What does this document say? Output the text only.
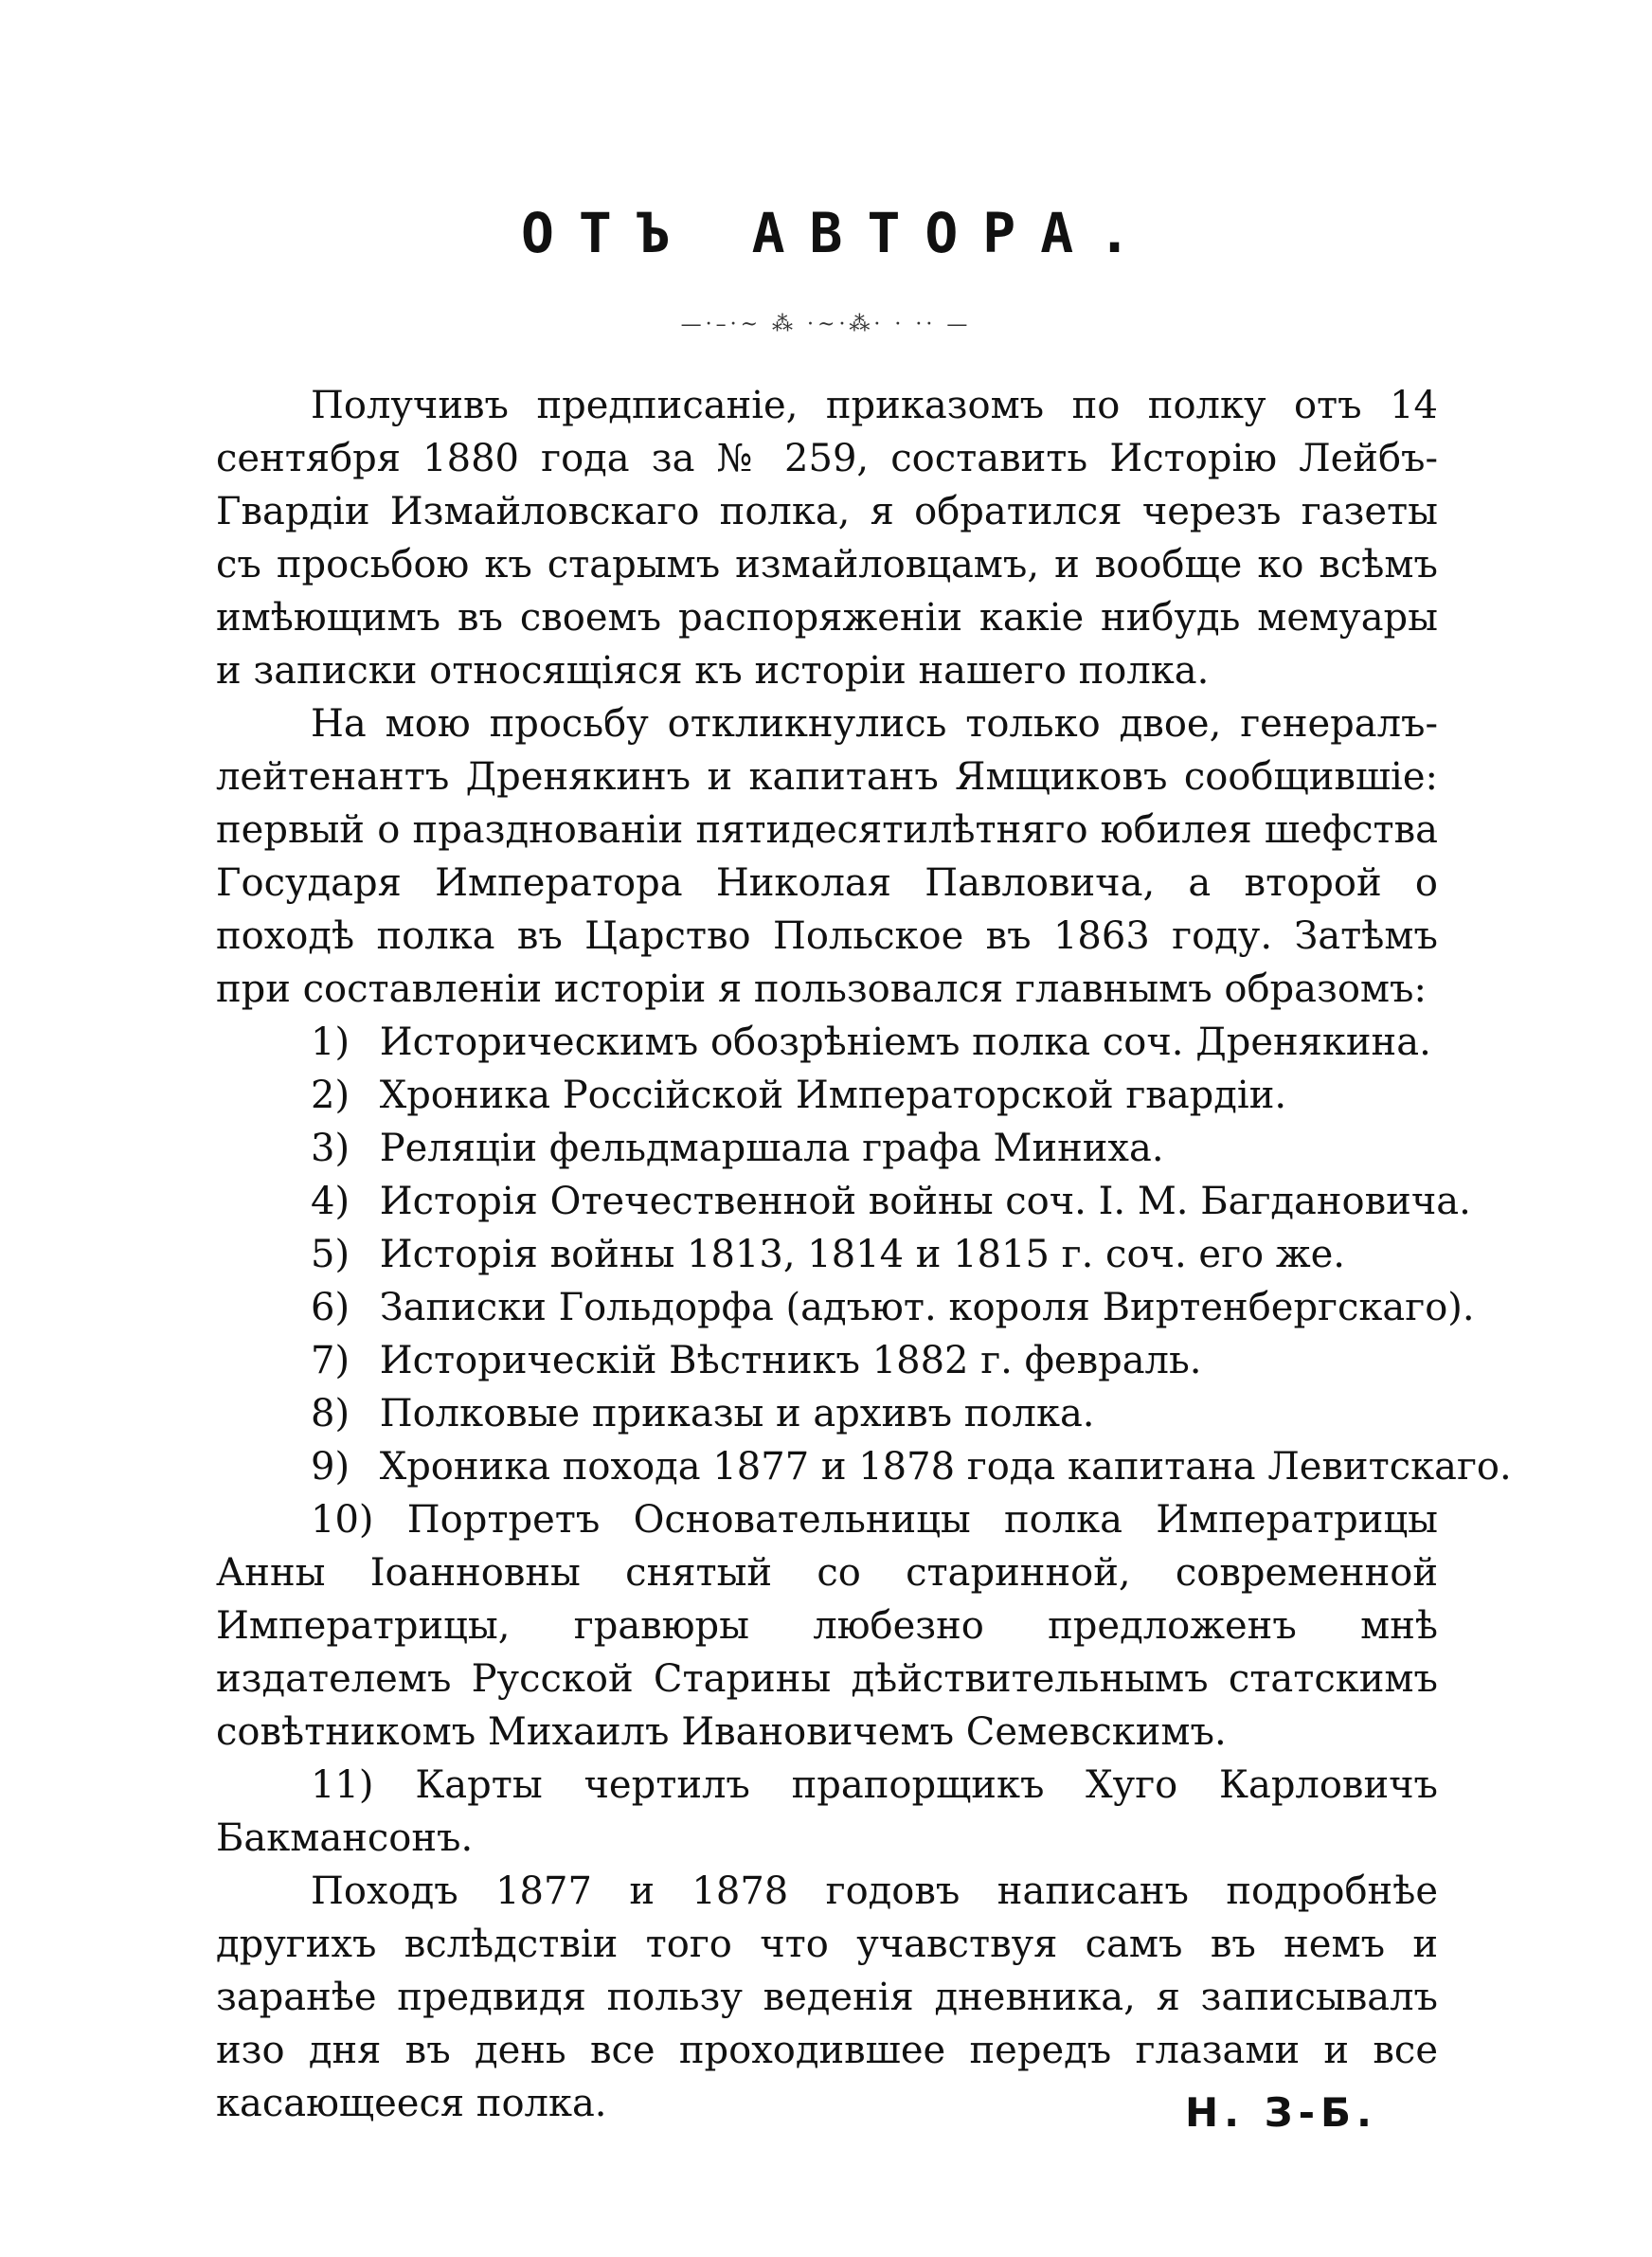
ОТЪ АВТОРА.
—·–·~ ⁂ ·~·⁂· · ·· —

Получивъ предписаніе, приказомъ по полку отъ 14 сентября 1880 года за № 259, составить Исторію Лейбъ-Гвардіи Измайловскаго полка, я обратился черезъ газеты съ просьбою къ старымъ измайловцамъ, и вообще ко всѣмъ имѣющимъ въ своемъ распоряженіи какіе нибудь мемуары и записки относящіяся къ исторіи нашего полка.

На мою просьбу откликнулись только двое, генералъ-лейтенантъ Дренякинъ и капитанъ Ямщиковъ сообщившіе: первый о празднованіи пятидесятилѣтняго юбилея шефства Государя Императора Николая Павловича, а второй о походѣ полка въ Царство Польское въ 1863 году. Затѣмъ при составленіи исторіи я пользовался главнымъ образомъ:

1) Историческимъ обозрѣніемъ полка соч. Дренякина.

2) Хроника Россійской Императорской гвардіи.

3) Реляціи фельдмаршала графа Миниха.

4) Исторія Отечественной войны соч. І. М. Багдановича.

5) Исторія войны 1813, 1814 и 1815 г. соч. его же.

6) Записки Гольдорфа (адъют. короля Виртенбергскаго).

7) Историческій Вѣстникъ 1882 г. февраль.

8) Полковые приказы и архивъ полка.

9) Хроника похода 1877 и 1878 года капитана Левитскаго.

10) Портретъ Основательницы полка Императрицы Анны Іоанновны снятый со старинной, современной Императрицы, гравюры любезно предложенъ мнѣ издателемъ Русской Старины дѣйствительнымъ статскимъ совѣтникомъ Михаилъ Ивановичемъ Семевскимъ.

11) Карты чертилъ прапорщикъ Хуго Карловичъ Бакмансонъ.

Походъ 1877 и 1878 годовъ написанъ подробнѣе другихъ вслѣдствіи того что учавствуя самъ въ немъ и заранѣе предвидя пользу веденія дневника, я записывалъ изо дня въ день все проходившее передъ глазами и все касающееся полка.	Н. З-Б.
